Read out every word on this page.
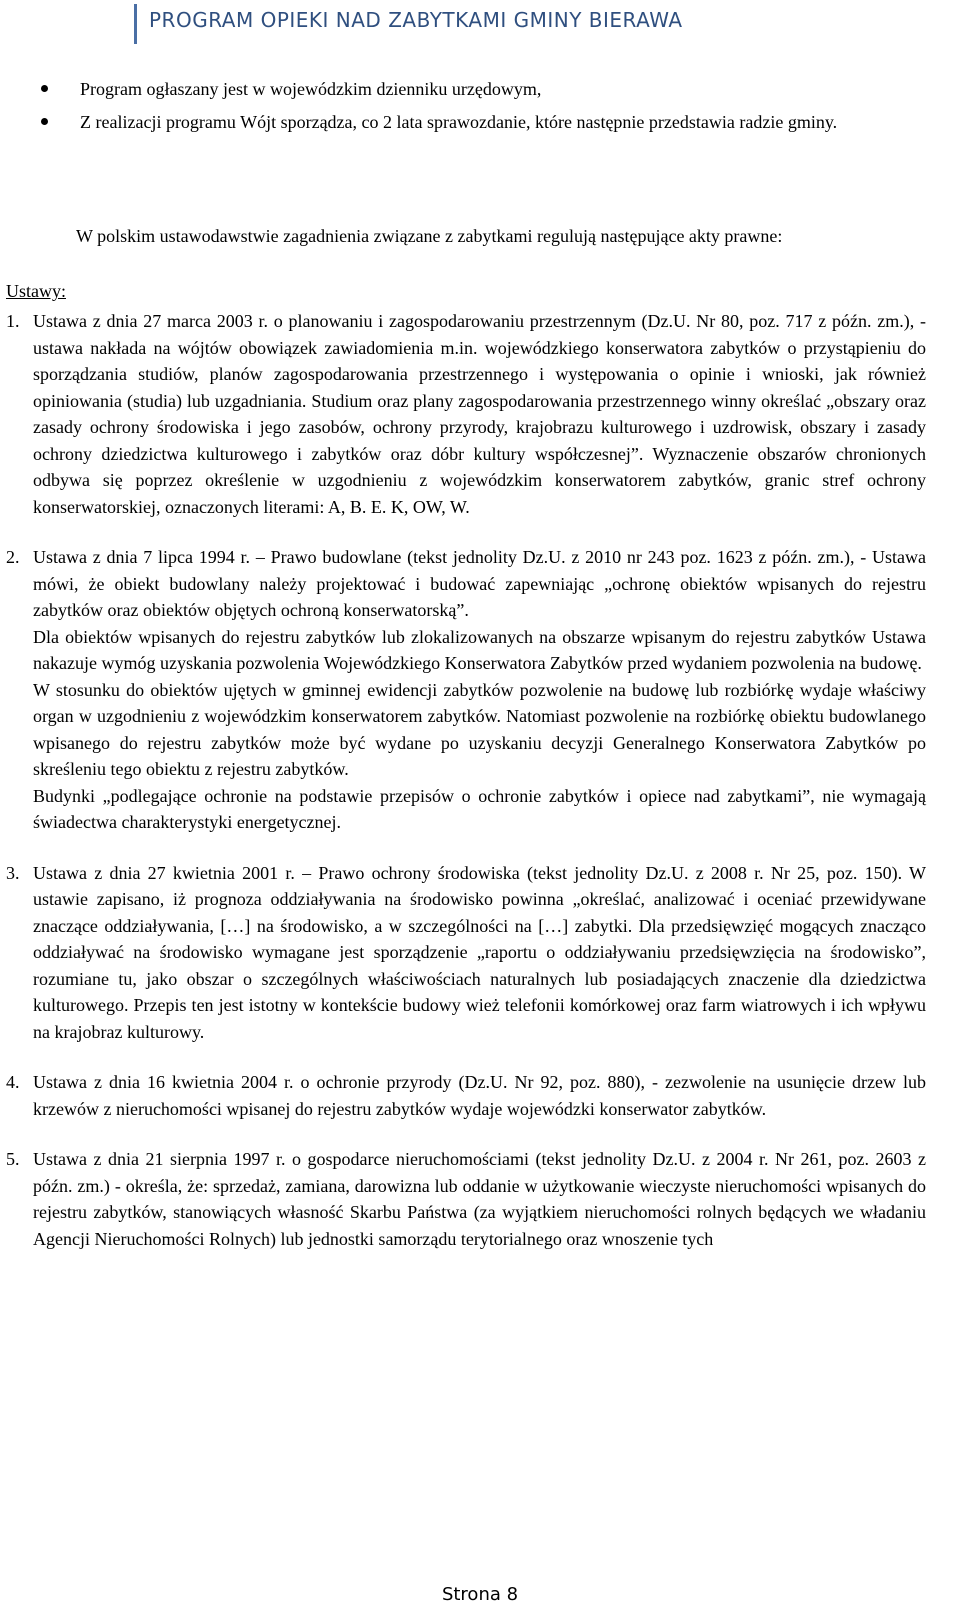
PROGRAM OPIEKI NAD ZABYTKAMI GMINY BIERAWA
Program ogłaszany jest w wojewódzkim dzienniku urzędowym,
Z realizacji programu Wójt sporządza, co 2 lata sprawozdanie, które następnie przedstawia radzie gminy.
W polskim ustawodawstwie zagadnienia związane z zabytkami regulują następujące akty prawne:
Ustawy:
1. Ustawa z dnia 27 marca 2003 r. o planowaniu i zagospodarowaniu przestrzennym (Dz.U. Nr 80, poz. 717 z późn. zm.), - ustawa nakłada na wójtów obowiązek zawiadomienia m.in. wojewódzkiego konserwatora zabytków o przystąpieniu do sporządzania studiów, planów zagospodarowania przestrzennego i występowania o opinie i wnioski, jak również opiniowania (studia) lub uzgadniania. Studium oraz plany zagospodarowania przestrzennego winny określać „obszary oraz zasady ochrony środowiska i jego zasobów, ochrony przyrody, krajobrazu kulturowego i uzdrowisk, obszary i zasady ochrony dziedzictwa kulturowego i zabytków oraz dóbr kultury współczesnej”. Wyznaczenie obszarów chronionych odbywa się poprzez określenie w uzgodnieniu z wojewódzkim konserwatorem zabytków, granic stref ochrony konserwatorskiej, oznaczonych literami: A, B. E. K, OW, W.

2. Ustawa z dnia 7 lipca 1994 r. – Prawo budowlane (tekst jednolity Dz.U. z 2010 nr 243 poz. 1623 z późn. zm.), - Ustawa mówi, że obiekt budowlany należy projektować i budować zapewniając „ochronę obiektów wpisanych do rejestru zabytków oraz obiektów objętych ochroną konserwatorską”.

Dla obiektów wpisanych do rejestru zabytków lub zlokalizowanych na obszarze wpisanym do rejestru zabytków Ustawa nakazuje wymóg uzyskania pozwolenia Wojewódzkiego Konserwatora Zabytków przed wydaniem pozwolenia na budowę.

W stosunku do obiektów ujętych w gminnej ewidencji zabytków pozwolenie na budowę lub rozbiórkę wydaje właściwy organ w uzgodnieniu z wojewódzkim konserwatorem zabytków. Natomiast pozwolenie na rozbiórkę obiektu budowlanego wpisanego do rejestru zabytków może być wydane po uzyskaniu decyzji Generalnego Konserwatora Zabytków po skreśleniu tego obiektu z rejestru zabytków.

Budynki „podlegające ochronie na podstawie przepisów o ochronie zabytków i opiece nad zabytkami”, nie wymagają świadectwa charakterystyki energetycznej.

3. Ustawa z dnia 27 kwietnia 2001 r. – Prawo ochrony środowiska (tekst jednolity Dz.U. z 2008 r. Nr 25, poz. 150). W ustawie zapisano, iż prognoza oddziaływania na środowisko powinna „określać, analizować i oceniać przewidywane znaczące oddziaływania, […] na środowisko, a w szczególności na […] zabytki. Dla przedsięwzięć mogących znacząco oddziaływać na środowisko wymagane jest sporządzenie „raportu o oddziaływaniu przedsięwzięcia na środowisko”, rozumiane tu, jako obszar o szczególnych właściwościach naturalnych lub posiadających znaczenie dla dziedzictwa kulturowego. Przepis ten jest istotny w kontekście budowy wież telefonii komórkowej oraz farm wiatrowych i ich wpływu na krajobraz kulturowy.

4. Ustawa z dnia 16 kwietnia 2004 r. o ochronie przyrody (Dz.U. Nr 92, poz. 880), - zezwolenie na usunięcie drzew lub krzewów z nieruchomości wpisanej do rejestru zabytków wydaje wojewódzki konserwator zabytków.

5. Ustawa z dnia 21 sierpnia 1997 r. o gospodarce nieruchomościami (tekst jednolity Dz.U. z 2004 r. Nr 261, poz. 2603 z późn. zm.) - określa, że: sprzedaż, zamiana, darowizna lub oddanie w użytkowanie wieczyste nieruchomości wpisanych do rejestru zabytków, stanowiących własność Skarbu Państwa (za wyjątkiem nieruchomości rolnych będących we władaniu Agencji Nieruchomości Rolnych) lub jednostki samorządu terytorialnego oraz wnoszenie tych

Strona 8
